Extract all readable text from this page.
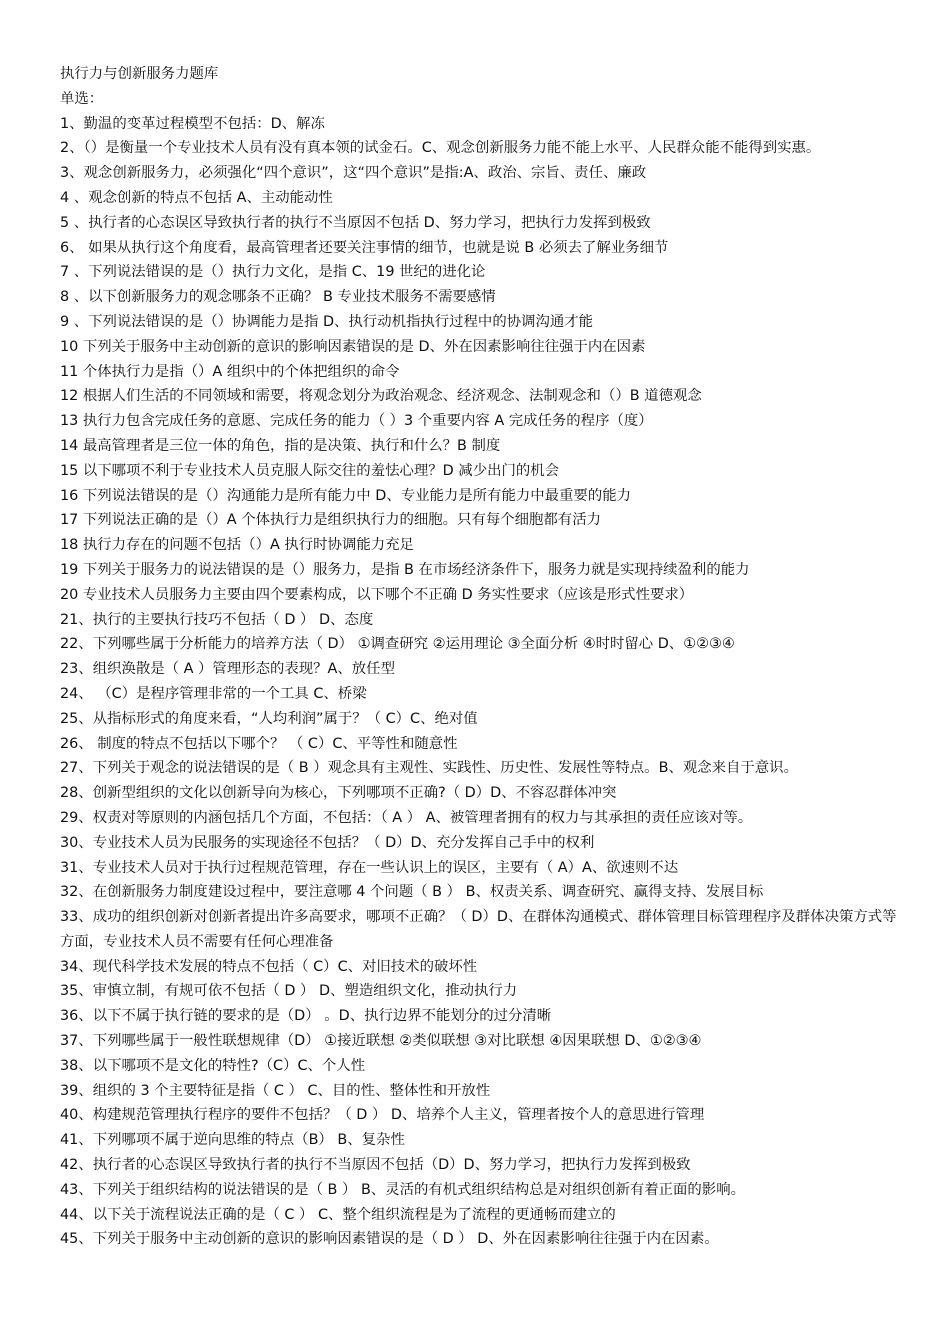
执行力与创新服务力题库
单选：
1、勤温的变革过程模型不包括：D、解冻
2、（）是衡量一个专业技术人员有没有真本领的试金石。C、观念创新服务力能不能上水平、人民群众能不能得到实惠。
3、观念创新服务力，必须强化“四个意识”，这“四个意识”是指:A、政治、宗旨、责任、廉政
4 、观念创新的特点不包括 A、主动能动性
5 、执行者的心态误区导致执行者的执行不当原因不包括 D、努力学习，把执行力发挥到极致
6、 如果从执行这个角度看，最高管理者还要关注事情的细节，也就是说 B 必须去了解业务细节
7 、下列说法错误的是（）执行力文化，是指 C、19 世纪的进化论
8 、以下创新服务力的观念哪条不正确？ B 专业技术服务不需要感情
9 、下列说法错误的是（）协调能力是指 D、执行动机指执行过程中的协调沟通才能
10 下列关于服务中主动创新的意识的影响因素错误的是 D、外在因素影响往往强于内在因素
11 个体执行力是指（）A 组织中的个体把组织的命令
12 根据人们生活的不同领域和需要，将观念划分为政治观念、经济观念、法制观念和（）B 道德观念
13 执行力包含完成任务的意愿、完成任务的能力（ ）3 个重要内容 A 完成任务的程序（度）
14 最高管理者是三位一体的角色，指的是决策、执行和什么？B 制度
15 以下哪项不利于专业技术人员克服人际交往的羞怯心理？D 减少出门的机会
16 下列说法错误的是（）沟通能力是所有能力中 D、专业能力是所有能力中最重要的能力
17 下列说法正确的是（）A 个体执行力是组织执行力的细胞。只有每个细胞都有活力
18 执行力存在的问题不包括（）A 执行时协调能力充足
19 下列关于服务力的说法错误的是（）服务力，是指 B 在市场经济条件下，服务力就是实现持续盈利的能力
20 专业技术人员服务力主要由四个要素构成，以下哪个不正确 D 务实性要求（应该是形式性要求）
21、执行的主要执行技巧不包括（ D ） D、态度
22、下列哪些属于分析能力的培养方法（ D） ①调查研究 ②运用理论 ③全面分析 ④时时留心 D、①②③④
23、组织涣散是（ A ）管理形态的表现？A、放任型
24、 （C）是程序管理非常的一个工具 C、桥梁
25、从指标形式的角度来看，“人均利润”属于？（ C）C、绝对值
26、 制度的特点不包括以下哪个？ （ C）C、平等性和随意性
27、下列关于观念的说法错误的是（ B ）观念具有主观性、实践性、历史性、发展性等特点。B、观念来自于意识。
28、创新型组织的文化以创新导向为核心，下列哪项不正确?（ D）D、不容忍群体冲突
29、权责对等原则的内涵包括几个方面，不包括：（ A ） A、被管理者拥有的权力与其承担的责任应该对等。
30、专业技术人员为民服务的实现途径不包括？（ D）D、充分发挥自己手中的权利
31、专业技术人员对于执行过程规范管理，存在一些认识上的误区，主要有（ A）A、欲速则不达
32、在创新服务力制度建设过程中，要注意哪 4 个问题（ B ） B、权责关系、调查研究、赢得支持、发展目标
33、成功的组织创新对创新者提出许多高要求，哪项不正确？（ D）D、在群体沟通模式、群体管理目标管理程序及群体决策方式等方面，专业技术人员不需要有任何心理准备
34、现代科学技术发展的特点不包括（ C）C、对旧技术的破坏性
35、审慎立制，有规可依不包括（ D ） D、塑造组织文化，推动执行力
36、以下不属于执行链的要求的是（D） 。D、执行边界不能划分的过分清晰
37、下列哪些属于一般性联想规律（D） ①接近联想 ②类似联想 ③对比联想 ④因果联想 D、①②③④
38、以下哪项不是文化的特性?（C）C、个人性
39、组织的 3 个主要特征是指（ C ） C、目的性、整体性和开放性
40、构建规范管理执行程序的要件不包括？（ D ） D、培养个人主义，管理者按个人的意思进行管理
41、下列哪项不属于逆向思维的特点（B） B、复杂性
42、执行者的心态误区导致执行者的执行不当原因不包括（D）D、努力学习，把执行力发挥到极致
43、下列关于组织结构的说法错误的是（ B ） B、灵活的有机式组织结构总是对组织创新有着正面的影响。
44、以下关于流程说法正确的是（ C ） C、整个组织流程是为了流程的更通畅而建立的
45、下列关于服务中主动创新的意识的影响因素错误的是（ D ） D、外在因素影响往往强于内在因素。
